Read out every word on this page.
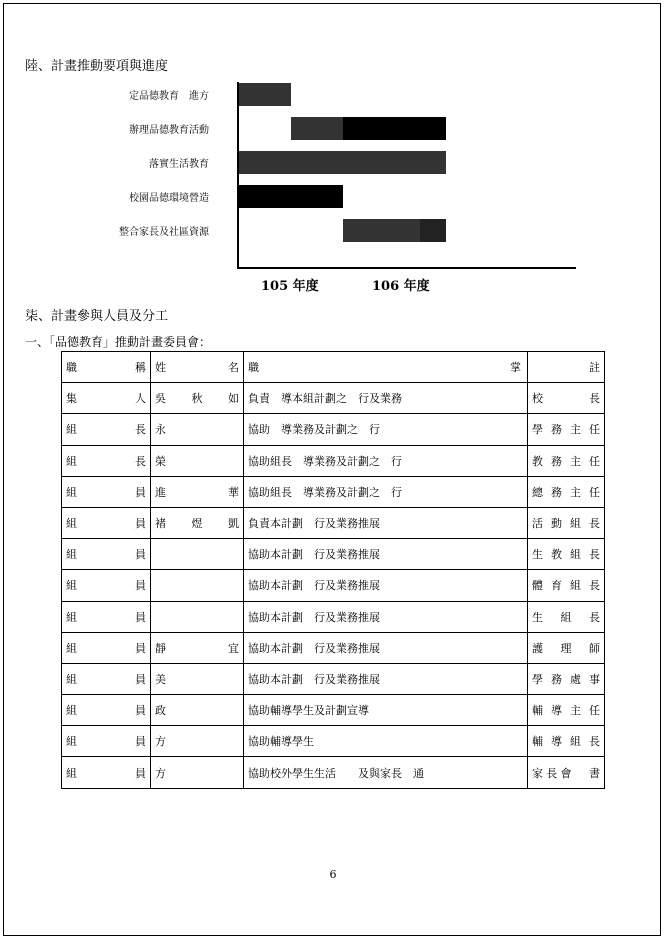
陸、計畫推動要項與進度
定品德教育　進方
辦理品德教育活動
落實生活教育
校園品德環境營造
整合家長及社區資源
105 年度	106 年度
柒、計畫參與人員及分工
一、「品德教育」推動計畫委員會：
職稱	姓名	職 掌	註
集人	吳秋如	負責　導本組計劃之　行及業務	校長
組長	永	協助　導業務及計劃之　行	學務主任
組長	榮	協助組長　導業務及計劃之　行	教務主任
組員	進華	協助組長　導業務及計劃之　行	總務主任
組員	褚煜凱	負責本計劃　行及業務推展	活動組長
組員		協助本計劃　行及業務推展	生教組長
組員		協助本計劃　行及業務推展	體育組長
組員		協助本計劃　行及業務推展	生組長
組員	靜宜	協助本計劃　行及業務推展	護理師
組員	美	協助本計劃　行及業務推展	學務處事
組員	政	協助輔導學生及計劃宣導	輔導主任
組員	方	協助輔導學生	輔導組長
組員	方	協助校外學生生活　　及與家長　通	家長會　書
6
